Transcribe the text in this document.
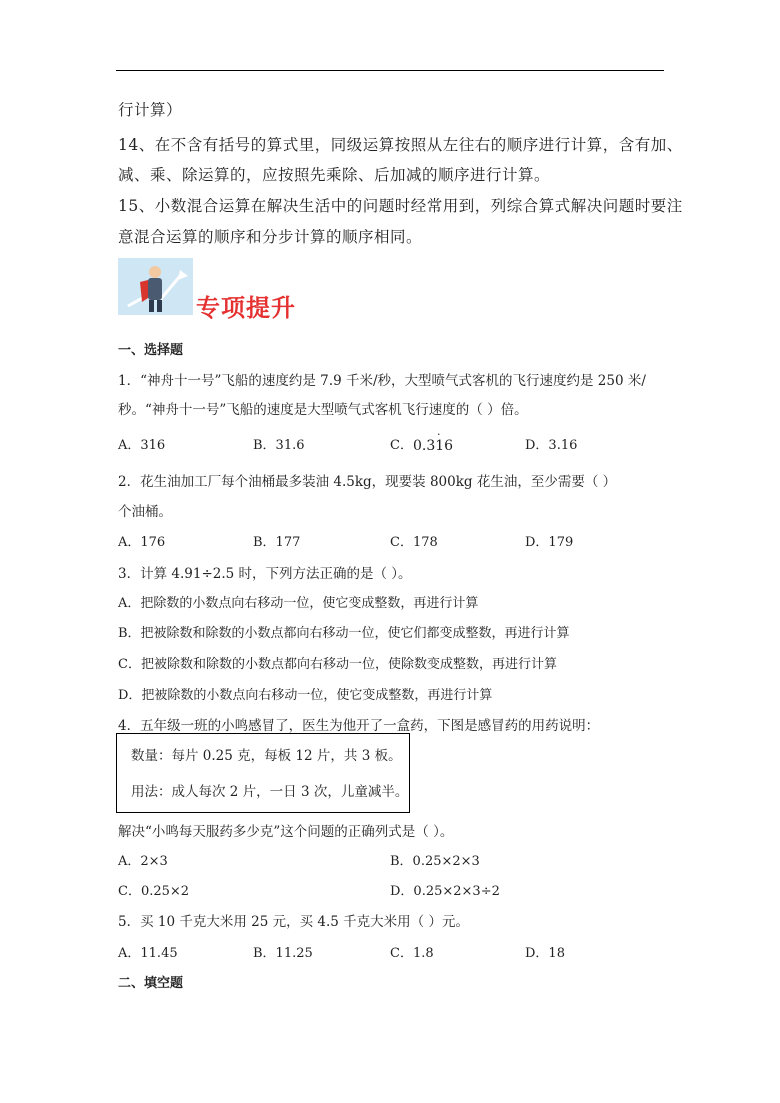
行计算）
14、在不含有括号的算式里，同级运算按照从左往右的顺序进行计算，含有加、
减、乘、除运算的，应按照先乘除、后加减的顺序进行计算。
15、小数混合运算在解决生活中的问题时经常用到，列综合算式解决问题时要注
意混合运算的顺序和分步计算的顺序相同。
专项提升
一、选择题
1．“神舟十一号”飞船的速度约是 7.9 千米/秒，大型喷气式客机的飞行速度约是 250 米/
秒。“神舟十一号”飞船的速度是大型喷气式客机飞行速度的（ ）倍。
A．316	B．31.6	C． 0.316
·
D．3.16
2．花生油加工厂每个油桶最多装油 4.5kg，现要装 800kg 花生油，至少需要（ ）
个油桶。
A．176	B．177	C．178	D．179
3．计算 4.91÷2.5 时，下列方法正确的是（ ）。
A．把除数的小数点向右移动一位，使它变成整数，再进行计算
B．把被除数和除数的小数点都向右移动一位，使它们都变成整数，再进行计算
C．把被除数和除数的小数点都向右移动一位，使除数变成整数，再进行计算
D．把被除数的小数点向右移动一位，使它变成整数，再进行计算
4．五年级一班的小鸣感冒了，医生为他开了一盒药，下图是感冒药的用药说明：
数量：每片 0.25 克，每板 12 片，共 3 板。
用法：成人每次 2 片，一日 3 次，儿童减半。
解决“小鸣每天服药多少克”这个问题的正确列式是（ ）。
A．2×3	B．0.25×2×3
C．0.25×2	D．0.25×2×3÷2
5．买 10 千克大米用 25 元，买 4.5 千克大米用（ ）元。
A．11.45	B．11.25	C．1.8	D．18
二、填空题
